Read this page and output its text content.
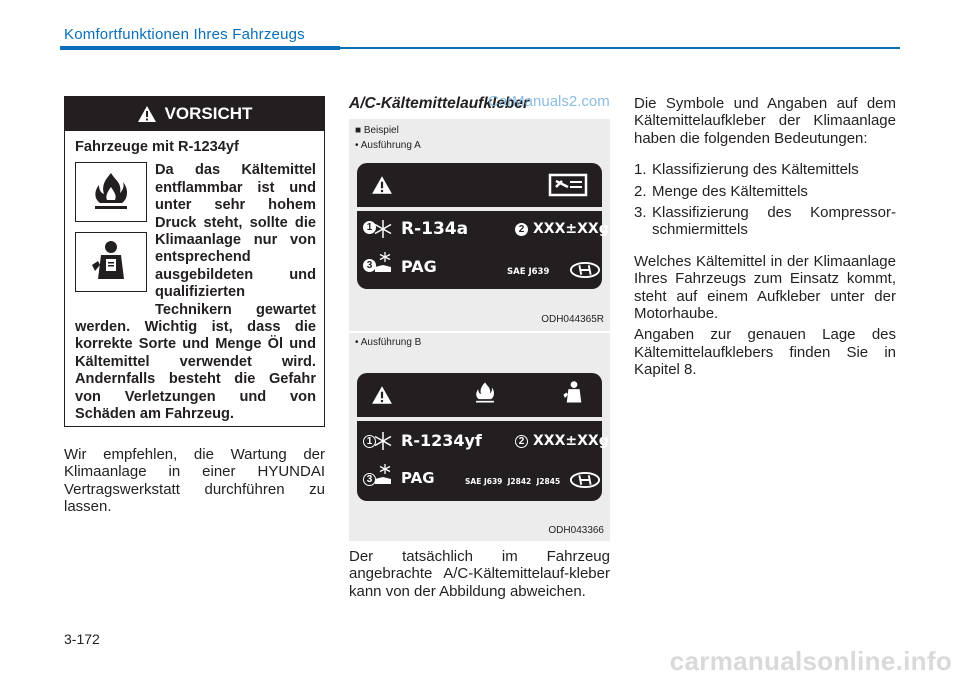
Komfortfunktionen Ihres Fahrzeugs
VORSICHT
Fahrzeuge mit R-1234yf
Da das Kältemittel entflammbar ist und unter sehr hohem Druck steht, sollte die Klimaanlage nur von entsprechend ausgebildeten und qualifizierten Technikern gewartet werden. Wichtig ist, dass die korrekte Sorte und Menge Öl und Kältemittel verwendet wird. Andernfalls besteht die Gefahr von Verletzungen und von Schäden am Fahrzeug.
Wir empfehlen, die Wartung der Klimaanlage in einer HYUNDAI Vertragswerkstatt durchführen zu lassen.
A/C-Kältemittelaufkleber
CarManuals2.com
■ Beispiel
• Ausführung A
1 R-134a	2 XXX±XXg
3 PAG	SAE J639
ODH044365R
• Ausführung B
1 R-1234yf	2 XXX±XXg
3 PAG	SAE J639  J2842  J2845
ODH043366
Der tatsächlich im Fahrzeug angebrachte A/C-Kältemittelauf-kleber kann von der Abbildung abweichen.

Die Symbole und Angaben auf dem Kältemittelaufkleber der Klimaanlage haben die folgenden Bedeutungen:

1. Klassifizierung des Kältemittels
2. Menge des Kältemittels
3. Klassifizierung des Kompressor-schmiermittels

Welches Kältemittel in der Klimaanlage Ihres Fahrzeugs zum Einsatz kommt, steht auf einem Aufkleber unter der Motorhaube.

Angaben zur genauen Lage des Kältemittelaufklebers finden Sie in Kapitel 8.

3-172
carmanualsonline.info
